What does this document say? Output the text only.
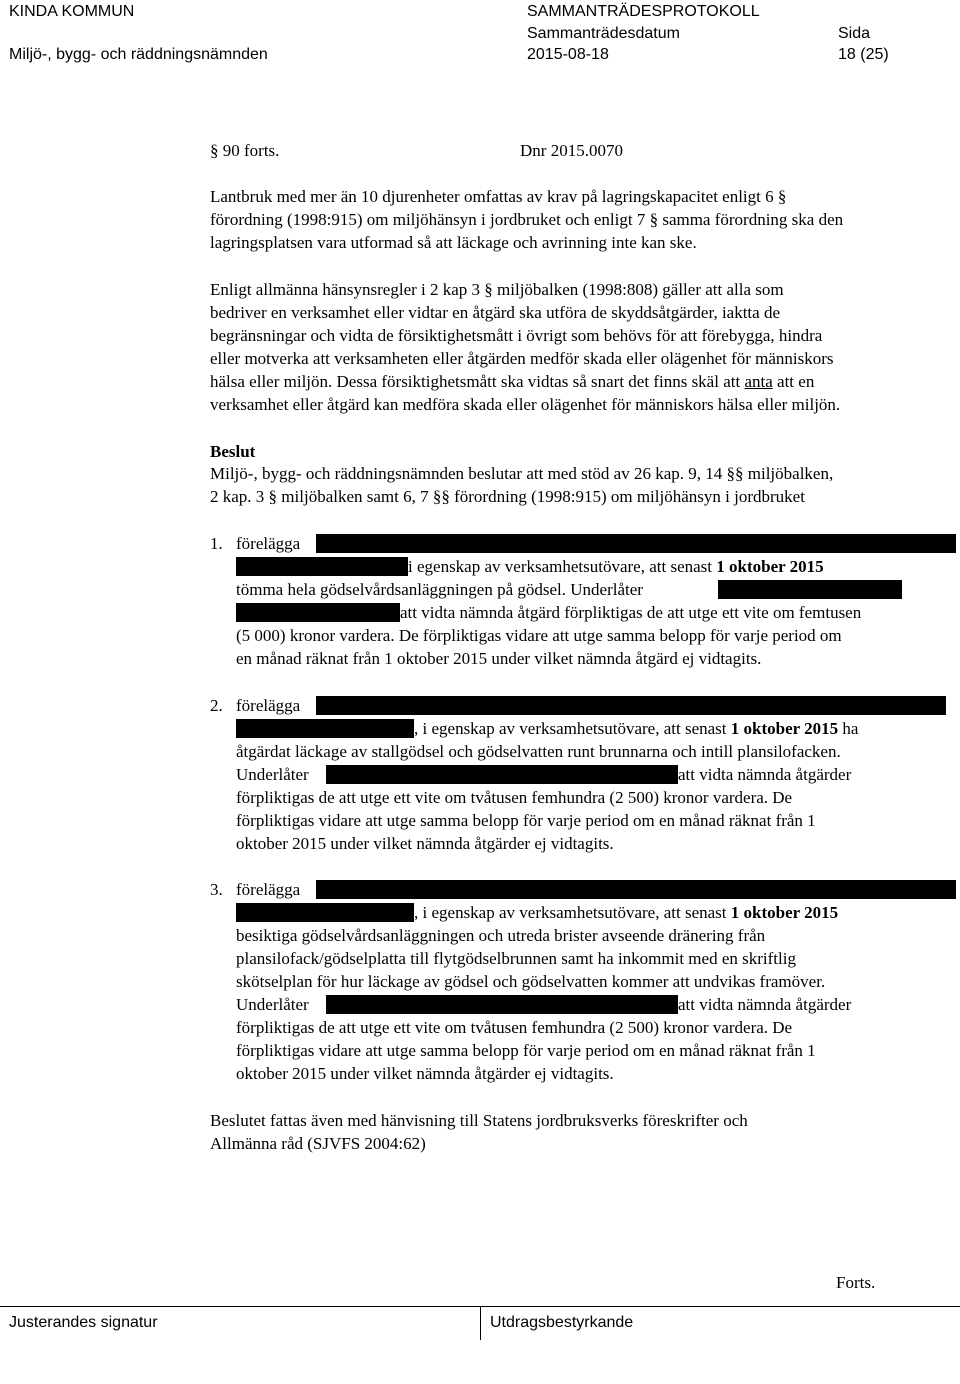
KINDA KOMMUN
Miljö-, bygg- och räddningsnämnden
SAMMANTRÄDESPROTOKOLL
Sammanträdesdatum
2015-08-18
Sida
18 (25)
§ 90 forts.	Dnr 2015.0070
Lantbruk med mer än 10 djurenheter omfattas av krav på lagringskapacitet enligt 6 §
förordning (1998:915) om miljöhänsyn i jordbruket och enligt 7 § samma förordning ska den
lagringsplatsen vara utformad så att läckage och avrinning inte kan ske.
Enligt allmänna hänsynsregler i 2 kap 3 § miljöbalken (1998:808) gäller att alla som
bedriver en verksamhet eller vidtar en åtgärd ska utföra de skyddsåtgärder, iaktta de
begränsningar och vidta de försiktighetsmått i övrigt som behövs för att förebygga, hindra
eller motverka att verksamheten eller åtgärden medför skada eller olägenhet för människors
hälsa eller miljön. Dessa försiktighetsmått ska vidtas så snart det finns skäl att anta att en
verksamhet eller åtgärd kan medföra skada eller olägenhet för människors hälsa eller miljön.
Beslut
Miljö-, bygg- och räddningsnämnden beslutar att med stöd av 26 kap. 9, 14 §§ miljöbalken,
2 kap. 3 § miljöbalken samt 6, 7 §§ förordning (1998:915) om miljöhänsyn i jordbruket
1. förelägga
i egenskap av verksamhetsutövare, att senast 1 oktober 2015
tömma hela gödselvårdsanläggningen på gödsel. Underlåter
att vidta nämnda åtgärd förpliktigas de att utge ett vite om femtusen
(5 000) kronor vardera. De förpliktigas vidare att utge samma belopp för varje period om
en månad räknat från 1 oktober 2015 under vilket nämnda åtgärd ej vidtagits.
2. förelägga
, i egenskap av verksamhetsutövare, att senast 1 oktober 2015 ha
åtgärdat läckage av stallgödsel och gödselvatten runt brunnarna och intill plansilofacken.
Underlåter	att vidta nämnda åtgärder
förpliktigas de att utge ett vite om tvåtusen femhundra (2 500) kronor vardera. De
förpliktigas vidare att utge samma belopp för varje period om en månad räknat från 1
oktober 2015 under vilket nämnda åtgärder ej vidtagits.
3. förelägga
, i egenskap av verksamhetsutövare, att senast 1 oktober 2015
besiktiga gödselvårdsanläggningen och utreda brister avseende dränering från
plansilofack/gödselplatta till flytgödselbrunnen samt ha inkommit med en skriftlig
skötselplan för hur läckage av gödsel och gödselvatten kommer att undvikas framöver.
Underlåter	att vidta nämnda åtgärder
förpliktigas de att utge ett vite om tvåtusen femhundra (2 500) kronor vardera. De
förpliktigas vidare att utge samma belopp för varje period om en månad räknat från 1
oktober 2015 under vilket nämnda åtgärder ej vidtagits.
Beslutet fattas även med hänvisning till Statens jordbruksverks föreskrifter och
Allmänna råd (SJVFS 2004:62)
Forts.
Justerandes signatur	Utdragsbestyrkande
